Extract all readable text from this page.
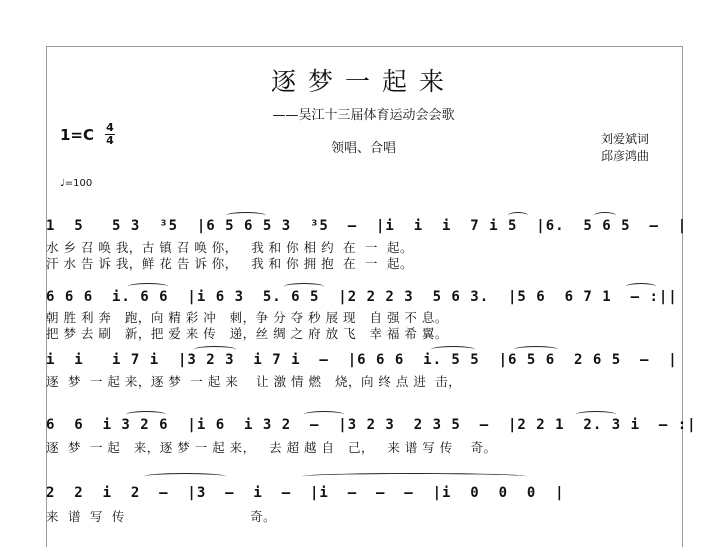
逐梦一起来
——吴江十三届体育运动会会歌
领唱、合唱
刘爱斌词
邱彦鸿曲
1=C 4
4
♩=100
1  5   5 3  ³5  |6 5 6 5 3  ³5  –  |i  i  i  7 i 5  |6.  5 6 5  –  |
水 乡 召 唤 我，古 镇 召 唤 你，   我 和 你 相 约  在  一  起。
汗 水 告 诉 我，鲜 花 告 诉 你，   我 和 你 拥 抱  在  一  起。
6 6 6  i. 6 6  |i 6 3  5. 6 5  |2 2 2 3  5 6 3.  |5 6  6 7 1  – :||
朝 胜 利 奔   跑，向 精 彩 冲   刺，争 分 夺 秒 展 现   自 强 不 息。
把 梦 去 刷   新，把 爱 来 传   递，丝 绸 之 府 放 飞   幸 福 希 翼。
i  i   i 7 i  |3 2 3  i 7 i  –  |6 6 6  i. 5 5  |6 5 6  2 6 5  –  |
逐  梦  一 起 来，逐 梦  一 起 来    让 激 情 燃   烧，向 终 点 进  击，
6  6  i 3 2 6  |i 6  i 3 2  –  |3 2 3  2 3 5  –  |2 2 1  2. 3 i  – :|
逐  梦  一 起   来，逐 梦 一 起 来，   去 超 越 自   己，   来 谱 写 传    奇。
2  2  i  2  –  |3  –  i  –  |i  –  –  –  |i  0  0  0  |
来  谱  写  传                            奇。
